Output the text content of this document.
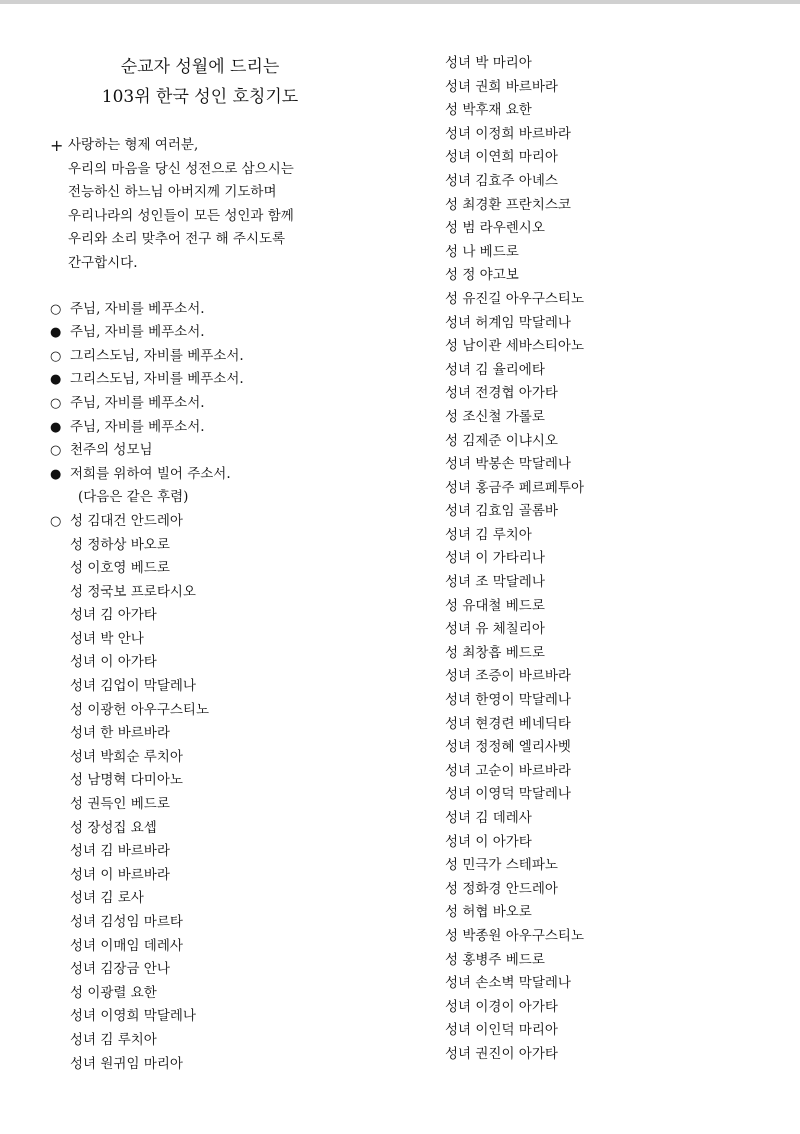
순교자 성월에 드리는
103위 한국 성인 호칭기도
+ 사랑하는 형제 여러분,
우리의 마음을 당신 성전으로 삼으시는
전능하신 하느님 아버지께 기도하며
우리나라의 성인들이 모든 성인과 함께
우리와 소리 맞추어 전구 해 주시도록
간구합시다.
○ 주님, 자비를 베푸소서.
● 주님, 자비를 베푸소서.
○ 그리스도님, 자비를 베푸소서.
● 그리스도님, 자비를 베푸소서.
○ 주님, 자비를 베푸소서.
● 주님, 자비를 베푸소서.
○ 천주의 성모님
● 저희를 위하여 빌어 주소서.
(다음은 같은 후렴)
○ 성 김대건 안드레아
성 정하상 바오로
성 이호영 베드로
성 정국보 프로타시오
성녀 김 아가타
성녀 박 안나
성녀 이 아가타
성녀 김업이 막달레나
성 이광헌 아우구스티노
성녀 한 바르바라
성녀 박희순 루치아
성 남명혁 다미아노
성 권득인 베드로
성 장성집 요셉
성녀 김 바르바라
성녀 이 바르바라
성녀 김 로사
성녀 김성임 마르타
성녀 이매임 데레사
성녀 김장금 안나
성 이광렬 요한
성녀 이영희 막달레나
성녀 김 루치아
성녀 원귀임 마리아
성녀 박 마리아
성녀 권희 바르바라
성 박후재 요한
성녀 이정희 바르바라
성녀 이연희 마리아
성녀 김효주 아녜스
성 최경환 프란치스코
성 범 라우렌시오
성 나 베드로
성 정 야고보
성 유진길 아우구스티노
성녀 허계임 막달레나
성 남이관 세바스티아노
성녀 김 율리에타
성녀 전경협 아가타
성 조신철 가롤로
성 김제준 이냐시오
성녀 박봉손 막달레나
성녀 홍금주 페르페투아
성녀 김효임 골롬바
성녀 김 루치아
성녀 이 가타리나
성녀 조 막달레나
성 유대철 베드로
성녀 유 체칠리아
성 최창흡 베드로
성녀 조증이 바르바라
성녀 한영이 막달레나
성녀 현경련 베네딕타
성녀 정정혜 엘리사벳
성녀 고순이 바르바라
성녀 이영덕 막달레나
성녀 김 데레사
성녀 이 아가타
성 민극가 스테파노
성 정화경 안드레아
성 허협 바오로
성 박종원 아우구스티노
성 홍병주 베드로
성녀 손소벽 막달레나
성녀 이경이 아가타
성녀 이인덕 마리아
성녀 권진이 아가타
